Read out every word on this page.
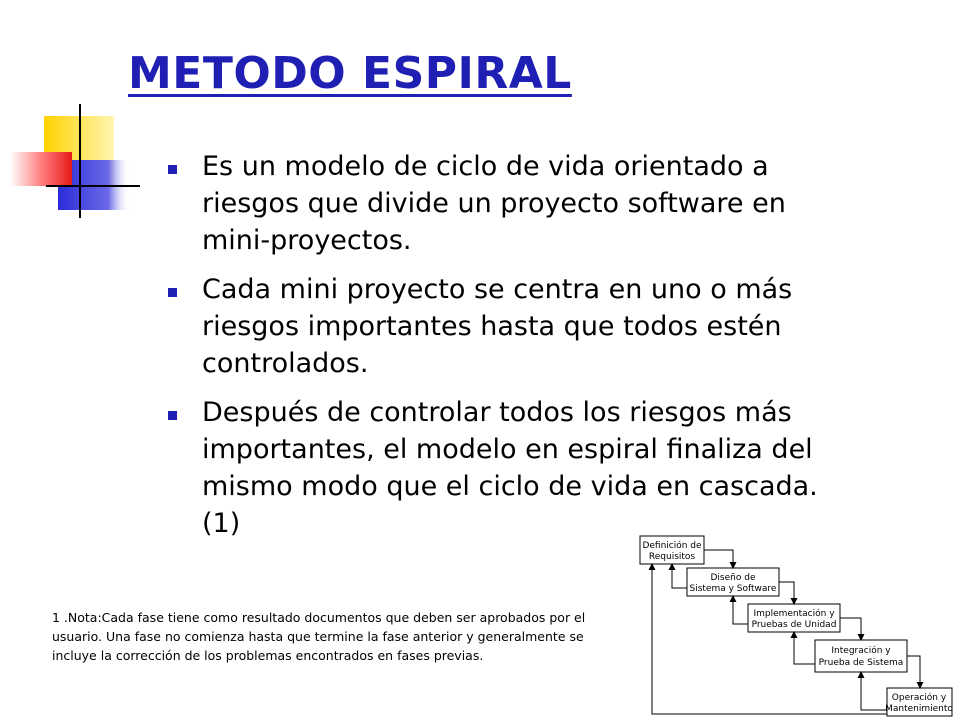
METODO ESPIRAL
Es un modelo de ciclo de vida orientado a riesgos que divide un proyecto software en mini-proyectos.
Cada mini proyecto se centra en uno o más riesgos importantes hasta que todos estén controlados.
Después de controlar todos los riesgos más importantes, el modelo en espiral finaliza del mismo modo que el ciclo de vida en cascada.(1)
1 .Nota:Cada fase tiene como resultado documentos que deben ser aprobados por el usuario. Una fase no comienza hasta que termine la fase anterior y generalmente se incluye la corrección de los problemas encontrados en fases previas.
Definición de
Requisitos
Diseño de
Sistema y Software
Implementación y
Pruebas de Unidad
Integración y
Prueba de Sistema
Operación y
Mantenimiento
